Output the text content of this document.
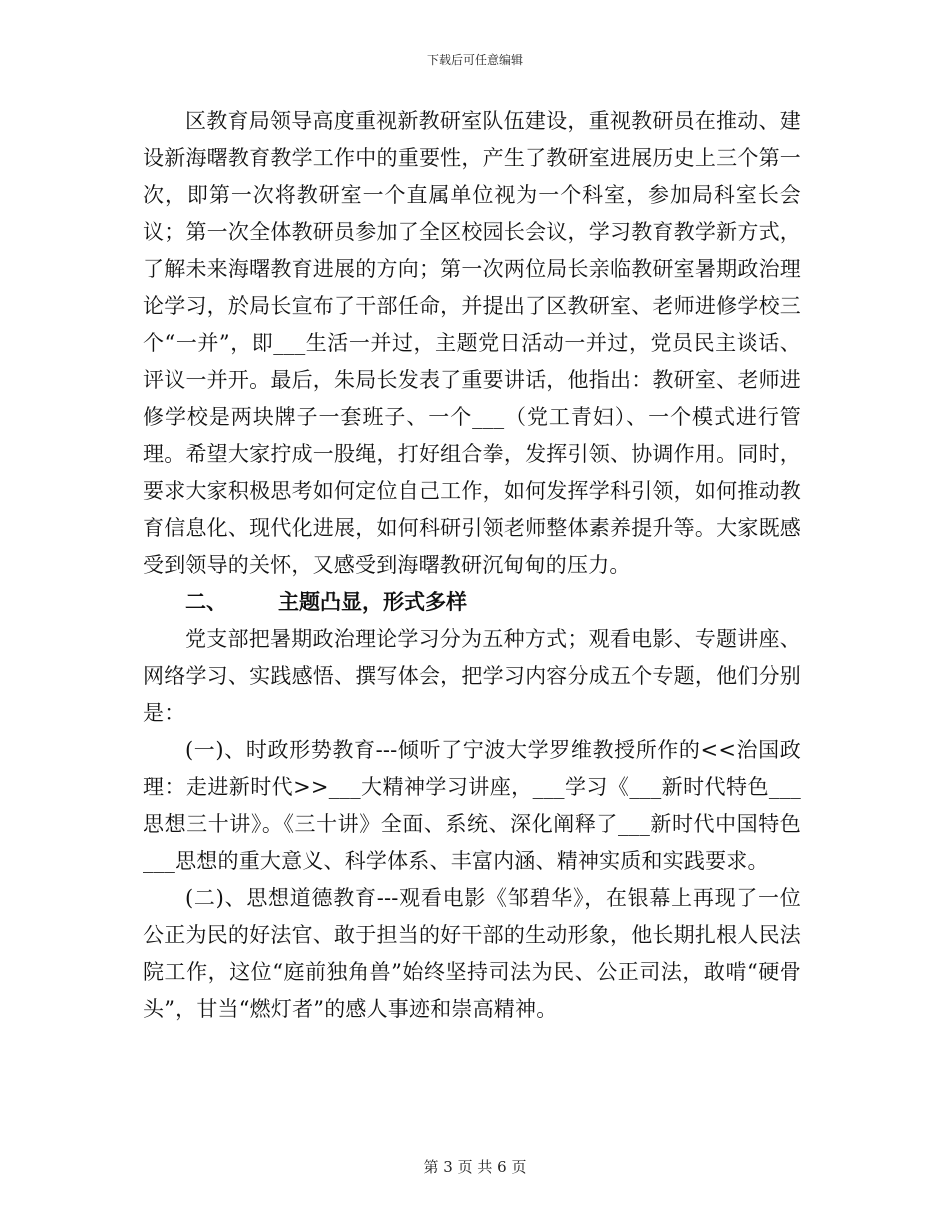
下载后可任意编辑

区教育局领导高度重视新教研室队伍建设，重视教研员在推动、建设新海曙教育教学工作中的重要性，产生了教研室进展历史上三个第一次，即第一次将教研室一个直属单位视为一个科室，参加局科室长会议；第一次全体教研员参加了全区校园长会议，学习教育教学新方式，了解未来海曙教育进展的方向；第一次两位局长亲临教研室暑期政治理论学习，於局长宣布了干部任命，并提出了区教研室、老师进修学校三个“一并”，即___生活一并过，主题党日活动一并过，党员民主谈话、评议一并开。最后，朱局长发表了重要讲话，他指出：教研室、老师进修学校是两块牌子一套班子、一个___（党工青妇）、一个模式进行管理。希望大家拧成一股绳，打好组合拳，发挥引领、协调作用。同时，要求大家积极思考如何定位自己工作，如何发挥学科引领，如何推动教育信息化、现代化进展，如何科研引领老师整体素养提升等。大家既感受到领导的关怀，又感受到海曙教研沉甸甸的压力。

二、 主题凸显，形式多样

党支部把暑期政治理论学习分为五种方式；观看电影、专题讲座、网络学习、实践感悟、撰写体会，把学习内容分成五个专题，他们分别是：

(一)、时政形势教育---倾听了宁波大学罗维教授所作的<<治国政理：走进新时代>>___大精神学习讲座，___学习《___新时代特色___思想三十讲》。《三十讲》全面、系统、深化阐释了___新时代中国特色___思想的重大意义、科学体系、丰富内涵、精神实质和实践要求。

(二)、思想道德教育---观看电影《邹碧华》，在银幕上再现了一位公正为民的好法官、敢于担当的好干部的生动形象，他长期扎根人民法院工作，这位“庭前独角兽”始终坚持司法为民、公正司法，敢啃“硬骨头”，甘当“燃灯者”的感人事迹和崇高精神。

第 3 页 共 6 页
